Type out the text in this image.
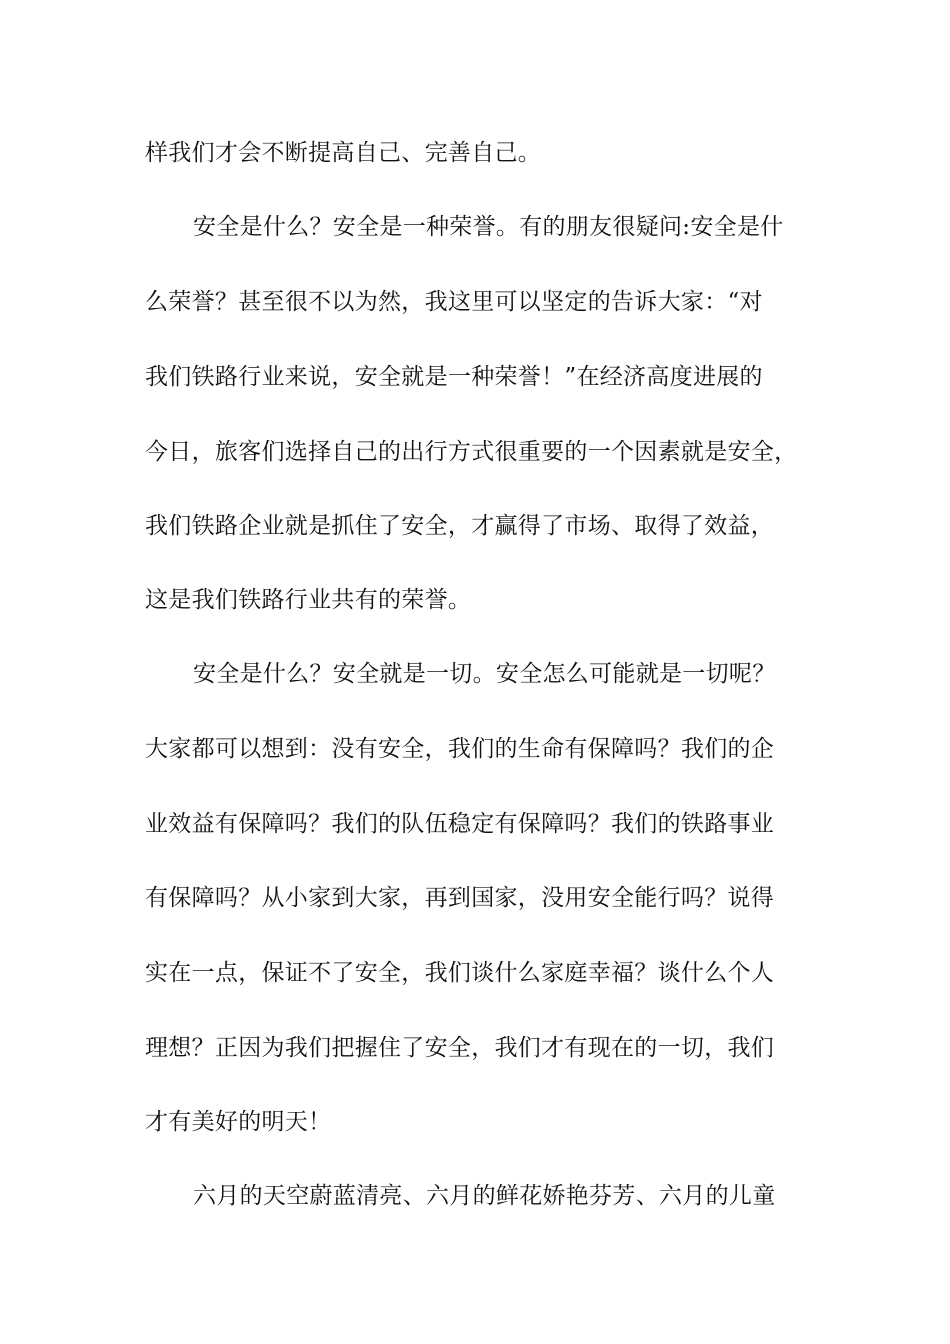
样我们才会不断提高自己、完善自己。
安全是什么？安全是一种荣誉。有的朋友很疑问:安全是什
么荣誉？甚至很不以为然，我这里可以坚定的告诉大家：“对
我们铁路行业来说，安全就是一种荣誉！”在经济高度进展的
今日，旅客们选择自己的出行方式很重要的一个因素就是安全，
我们铁路企业就是抓住了安全，才赢得了市场、取得了效益，
这是我们铁路行业共有的荣誉。
安全是什么？安全就是一切。安全怎么可能就是一切呢？
大家都可以想到：没有安全，我们的生命有保障吗？我们的企
业效益有保障吗？我们的队伍稳定有保障吗？我们的铁路事业
有保障吗？从小家到大家，再到国家，没用安全能行吗？说得
实在一点，保证不了安全，我们谈什么家庭幸福？谈什么个人
理想？正因为我们把握住了安全，我们才有现在的一切，我们
才有美好的明天！
六月的天空蔚蓝清亮、六月的鲜花娇艳芬芳、六月的儿童
